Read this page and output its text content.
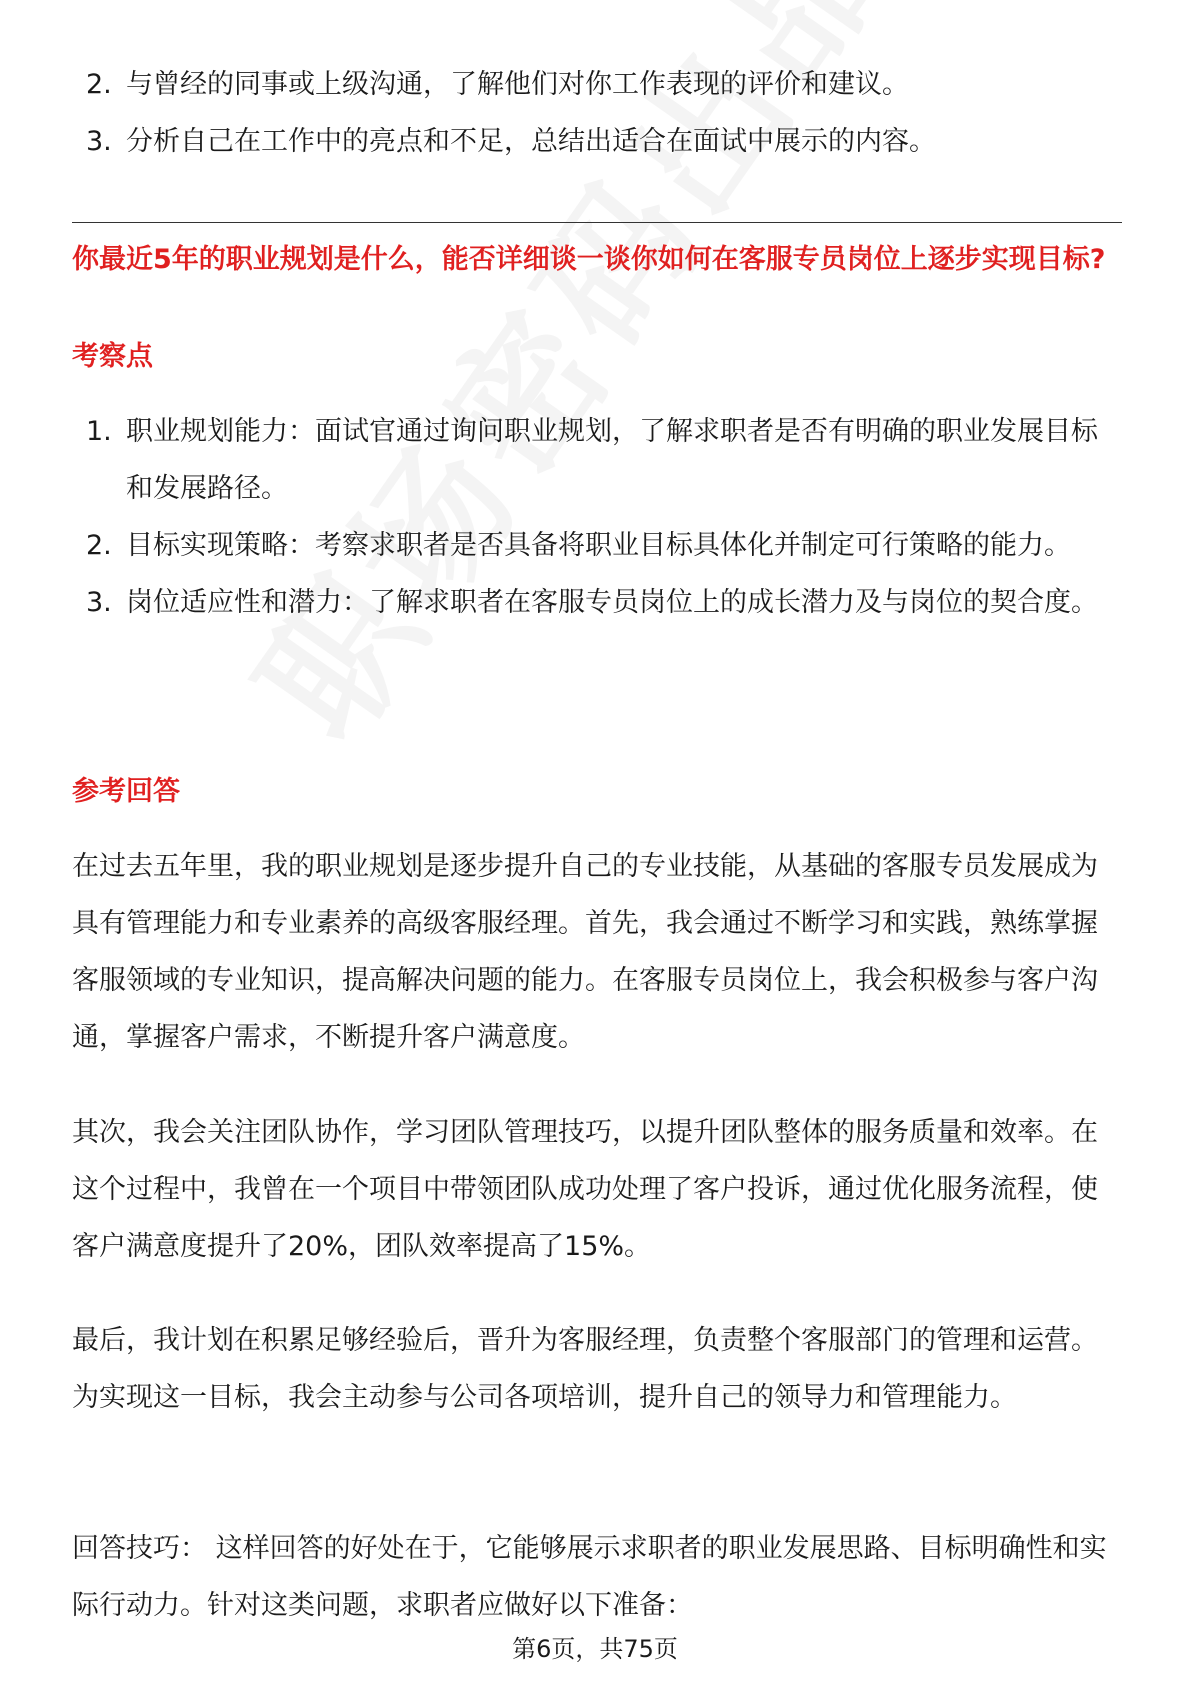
2. 与曾经的同事或上级沟通，了解他们对你工作表现的评价和建议。
3. 分析自己在工作中的亮点和不足，总结出适合在面试中展示的内容。
你最近5年的职业规划是什么，能否详细谈一谈你如何在客服专员岗位上逐步实现目标?
考察点
1. 职业规划能力：面试官通过询问职业规划，了解求职者是否有明确的职业发展目标和发展路径。
2. 目标实现策略：考察求职者是否具备将职业目标具体化并制定可行策略的能力。
3. 岗位适应性和潜力：了解求职者在客服专员岗位上的成长潜力及与岗位的契合度。
参考回答

在过去五年里，我的职业规划是逐步提升自己的专业技能，从基础的客服专员发展成为具有管理能力和专业素养的高级客服经理。首先，我会通过不断学习和实践，熟练掌握客服领域的专业知识，提高解决问题的能力。在客服专员岗位上，我会积极参与客户沟通，掌握客户需求，不断提升客户满意度。

其次，我会关注团队协作，学习团队管理技巧，以提升团队整体的服务质量和效率。在这个过程中，我曾在一个项目中带领团队成功处理了客户投诉，通过优化服务流程，使客户满意度提升了20%，团队效率提高了15%。

最后，我计划在积累足够经验后，晋升为客服经理，负责整个客服部门的管理和运营。为实现这一目标，我会主动参与公司各项培训，提升自己的领导力和管理能力。

回答技巧： 这样回答的好处在于，它能够展示求职者的职业发展思路、目标明确性和实际行动力。针对这类问题，求职者应做好以下准备：

第6页，共75页
